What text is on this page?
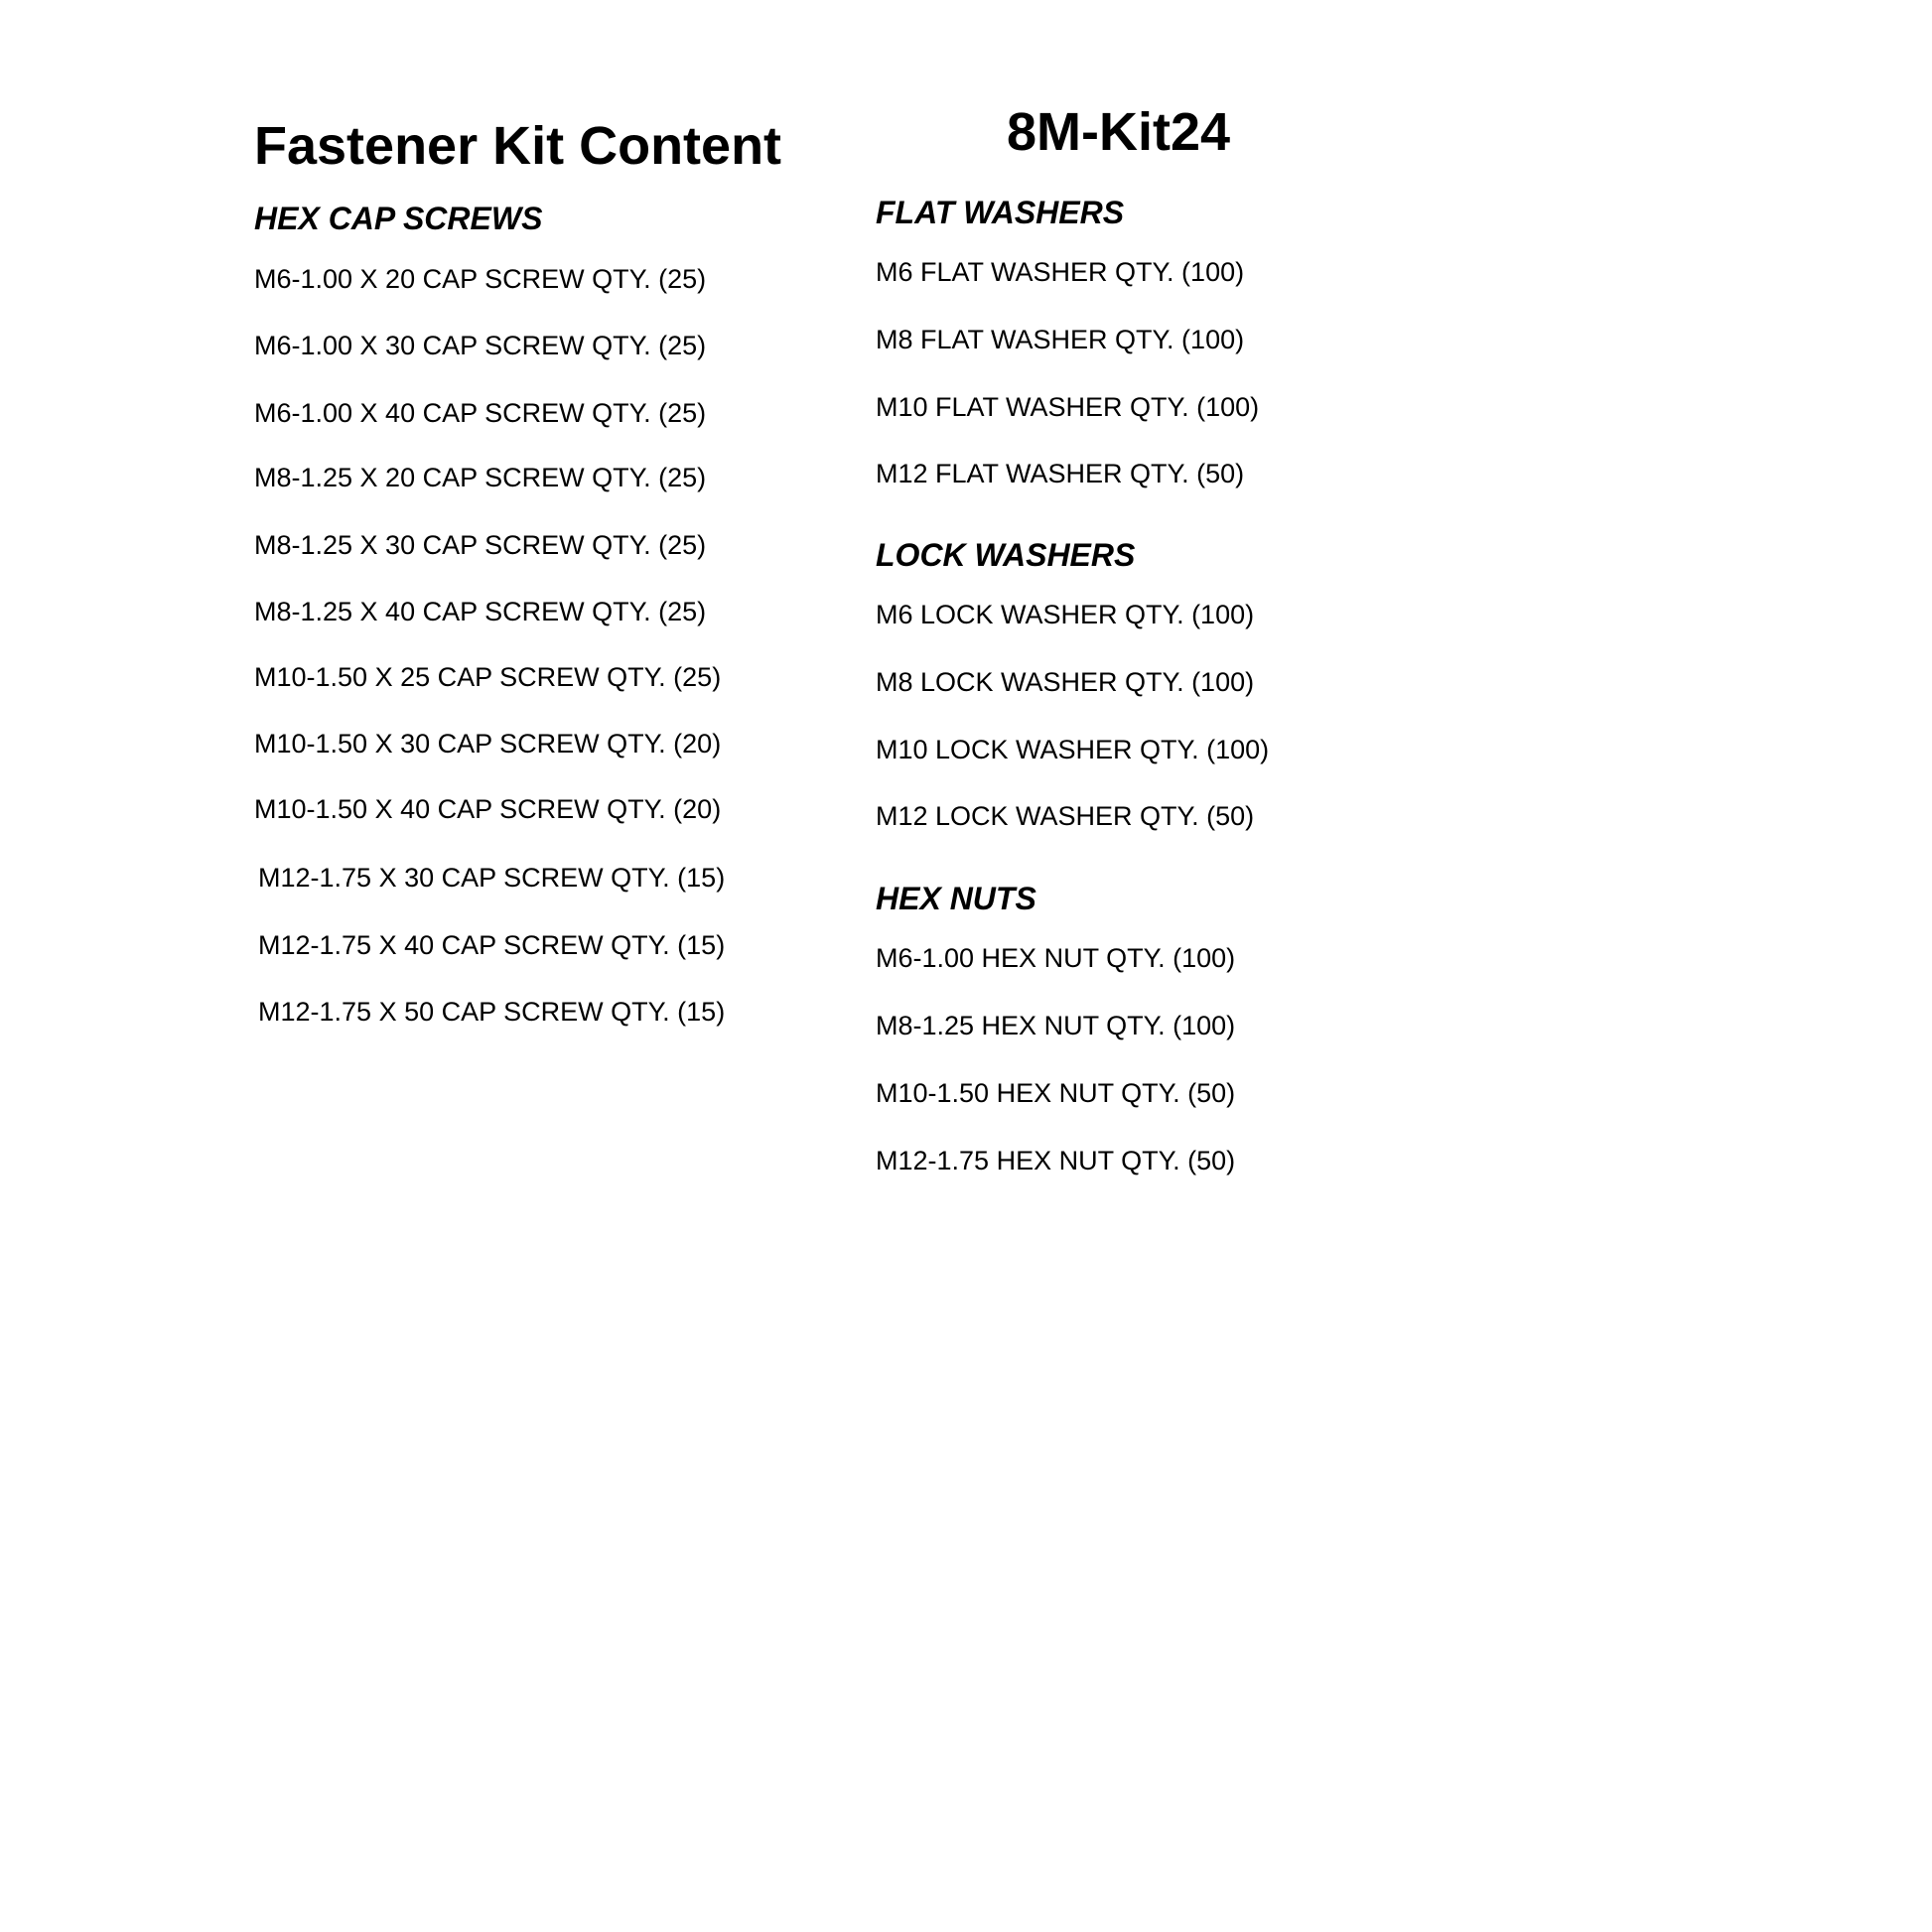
Fastener Kit Content	8M-Kit24
HEX CAP SCREWS
M6-1.00 X 20 CAP SCREW QTY. (25)
M6-1.00 X 30 CAP SCREW QTY. (25)
M6-1.00 X 40 CAP SCREW QTY. (25)
M8-1.25 X 20 CAP SCREW QTY. (25)
M8-1.25 X 30 CAP SCREW QTY. (25)
M8-1.25 X 40 CAP SCREW QTY. (25)
M10-1.50 X 25 CAP SCREW QTY. (25)
M10-1.50 X 30 CAP SCREW QTY. (20)
M10-1.50 X 40 CAP SCREW QTY. (20)
M12-1.75 X 30 CAP SCREW QTY. (15)
M12-1.75 X 40 CAP SCREW QTY. (15)
M12-1.75 X 50 CAP SCREW QTY. (15)
FLAT WASHERS
M6 FLAT WASHER QTY. (100)
M8 FLAT WASHER QTY. (100)
M10 FLAT WASHER QTY. (100)
M12 FLAT WASHER QTY. (50)
LOCK WASHERS
M6 LOCK WASHER QTY. (100)
M8 LOCK WASHER QTY. (100)
M10 LOCK WASHER QTY. (100)
M12 LOCK WASHER QTY. (50)
HEX NUTS
M6-1.00 HEX NUT QTY. (100)
M8-1.25 HEX NUT QTY. (100)
M10-1.50 HEX NUT QTY. (50)
M12-1.75 HEX NUT QTY. (50)
